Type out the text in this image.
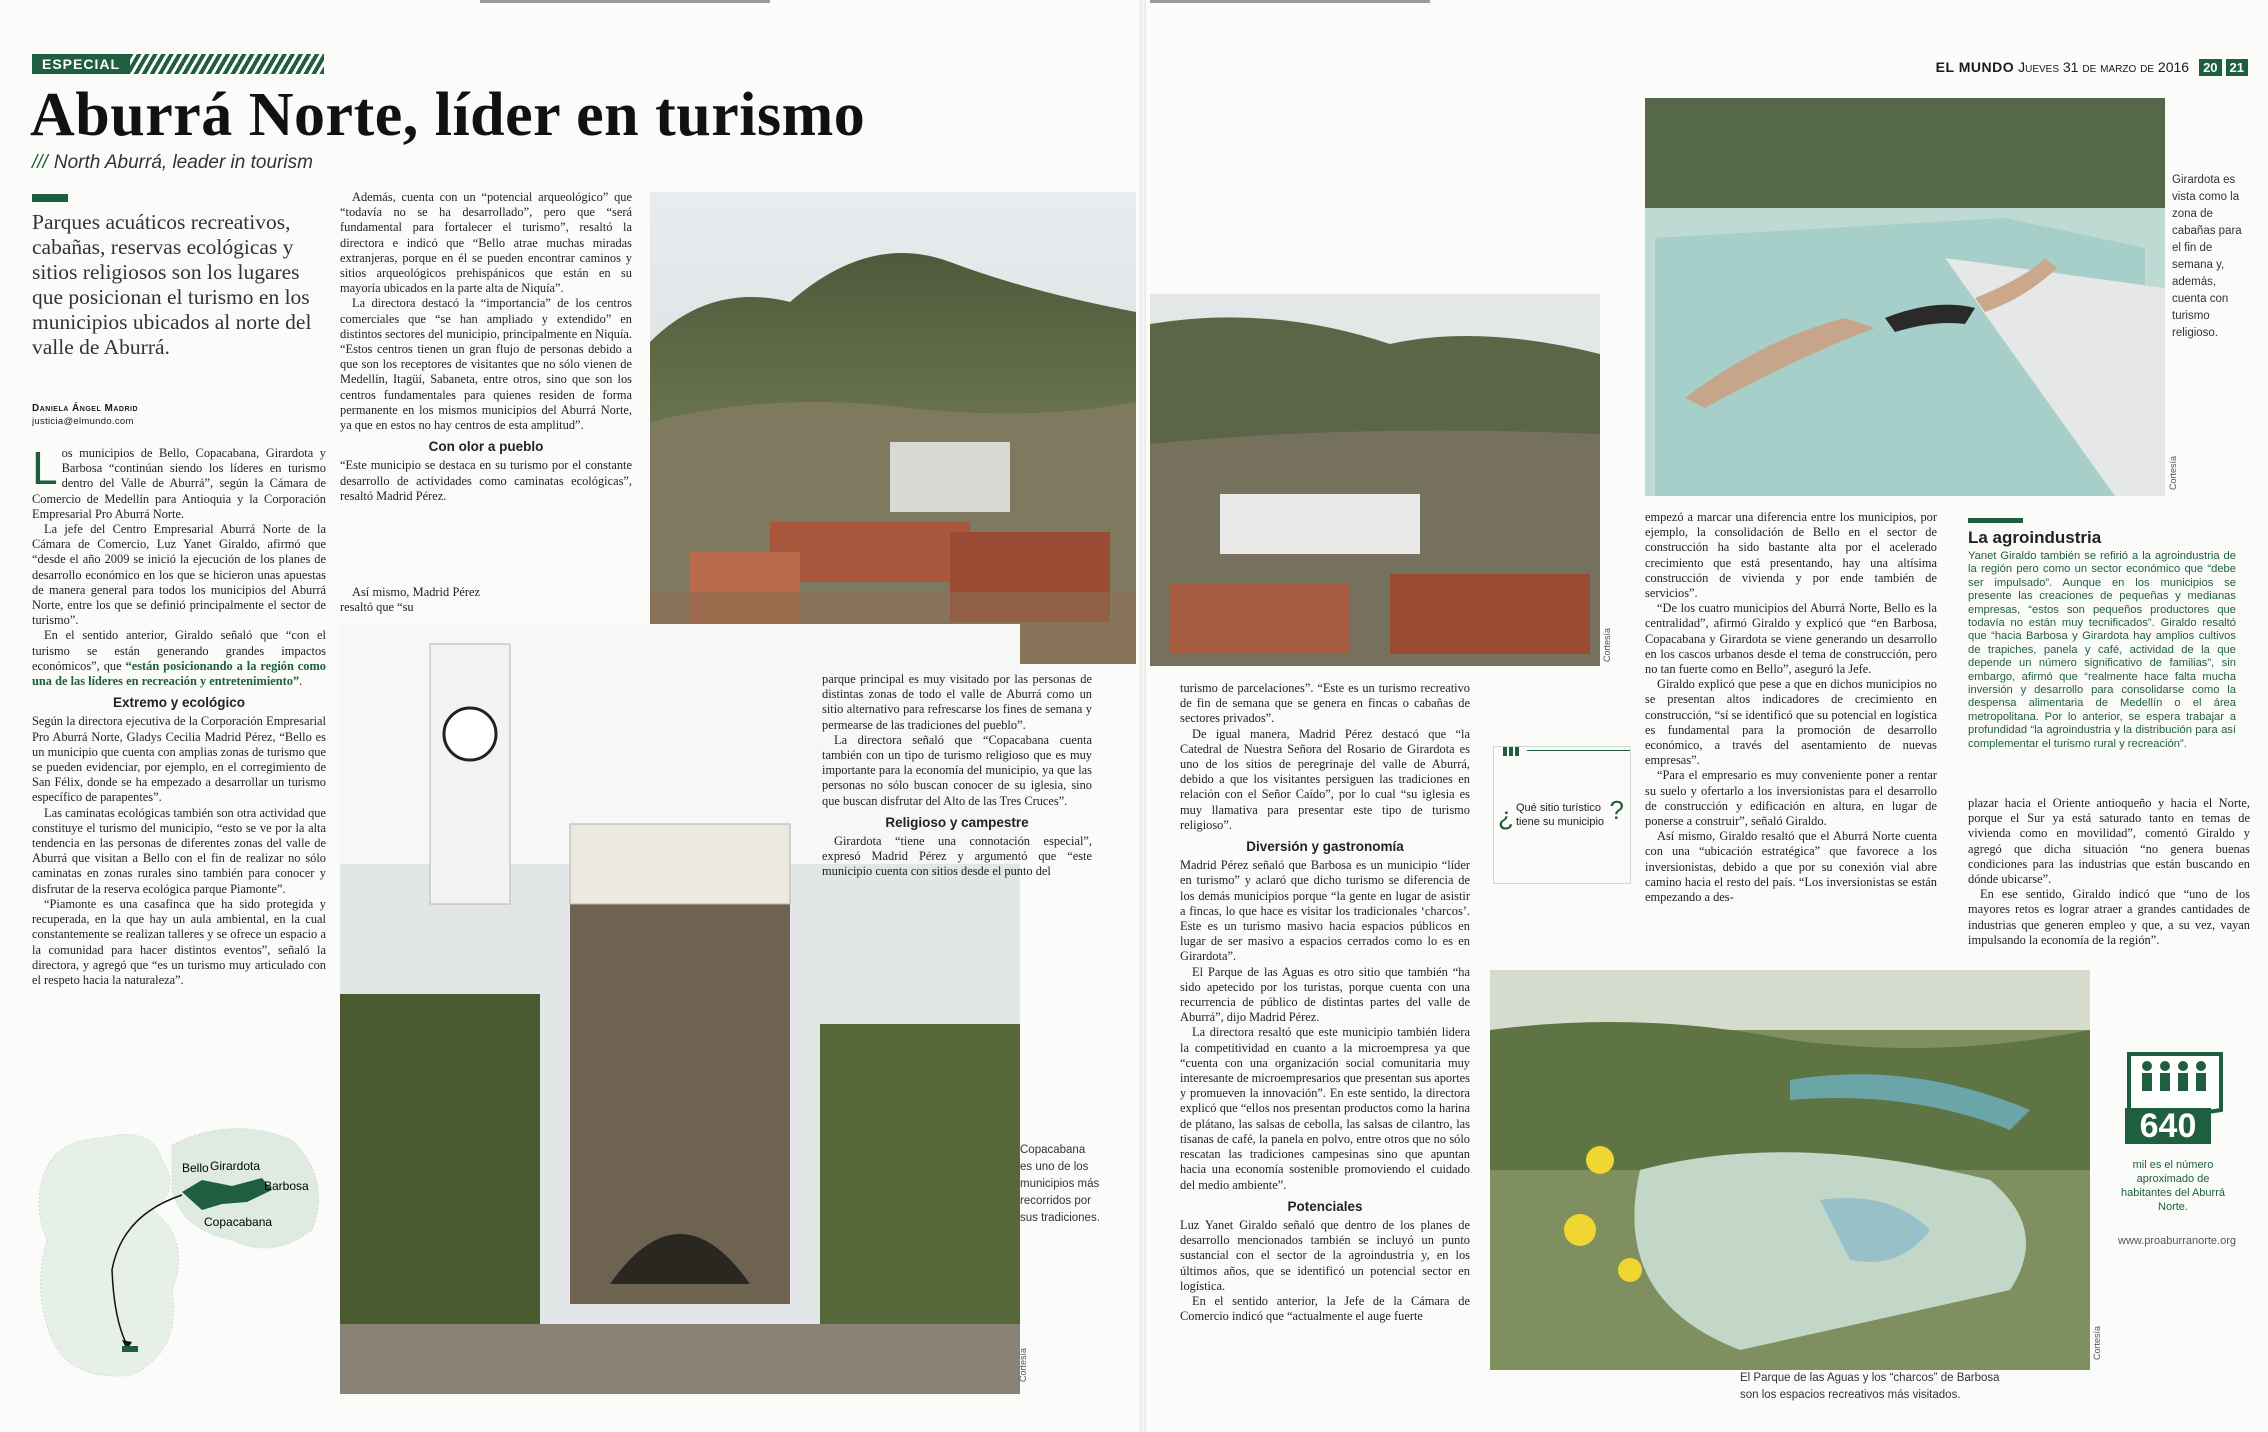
ESPECIAL
Aburrá Norte, líder en turismo
/// North Aburrá, leader in tourism
EL MUNDO Jueves 31 de marzo de 2016	20 21
Parques acuáticos recreativos, cabañas, reservas ecológicas y sitios religiosos son los lugares que posicionan el turismo en los municipios ubicados al norte del valle de Aburrá.
Daniela Ángel Madrid
justicia@elmundo.com

Los municipios de Bello, Copacabana, Girardota y Barbosa “continúan siendo los líderes en turismo dentro del Valle de Aburrá”, según la Cámara de Comercio de Medellín para Antioquia y la Corporación Empresarial Pro Aburrá Norte.

La jefe del Centro Empresarial Aburrá Norte de la Cámara de Comercio, Luz Yanet Giraldo, afirmó que “desde el año 2009 se inició la ejecución de los planes de desarrollo económico en los que se hicieron unas apuestas de manera general para todos los municipios del Aburrá Norte, entre los que se definió principalmente el sector de turismo”.

En el sentido anterior, Giraldo señaló que “con el turismo se están generando grandes impactos económicos”, que “están posicionando a la región como una de las líderes en recreación y entretenimiento”.

Extremo y ecológico

Según la directora ejecutiva de la Corporación Empresarial Pro Aburrá Norte, Gladys Cecilia Madrid Pérez, “Bello es un municipio que cuenta con amplias zonas de turismo que se pueden evidenciar, por ejemplo, en el corregimiento de San Félix, donde se ha empezado a desarrollar un turismo específico de parapentes”.

Las caminatas ecológicas también son otra actividad que constituye el turismo del municipio, “esto se ve por la alta tendencia en las personas de diferentes zonas del valle de Aburrá que visitan a Bello con el fin de realizar no sólo caminatas en zonas rurales sino también para conocer y disfrutar de la reserva ecológica parque Piamonte”.

“Piamonte es una casafinca que ha sido protegida y recuperada, en la que hay un aula ambiental, en la cual constantemente se realizan talleres y se ofrece un espacio a la comunidad para hacer distintos eventos”, señaló la directora, y agregó que “es un turismo muy articulado con el respeto hacia la naturaleza”.

Bello Girardota
Barbosa
Copacabana

Además, cuenta con un “potencial arqueológico” que “todavía no se ha desarrollado”, pero que “será fundamental para fortalecer el turismo”, resaltó la directora e indicó que “Bello atrae muchas miradas extranjeras, porque en él se pueden encontrar caminos y sitios arqueológicos prehispánicos que están en su mayoría ubicados en la parte alta de Niquía”.

La directora destacó la “importancia” de los centros comerciales que “se han ampliado y extendido” en distintos sectores del municipio, principalmente en Niquía. “Estos centros tienen un gran flujo de personas debido a que son los receptores de visitantes que no sólo vienen de Medellín, Itagüí, Sabaneta, entre otros, sino que son los centros fundamentales para quienes residen de forma permanente en los mismos municipios del Aburrá Norte, ya que en estos no hay centros de esta amplitud”.

Con olor a pueblo

“Este municipio se destaca en su turismo por el constante desarrollo de actividades como caminatas ecológicas”, resaltó Madrid Pérez.

Así mismo, Madrid Pérez resaltó que “su

Copacabana es uno de los municipios más recorridos por sus tradiciones.

parque principal es muy visitado por las personas de distintas zonas de todo el valle de Aburrá como un sitio alternativo para refrescarse los fines de semana y permearse de las tradiciones del pueblo”.

La directora señaló que “Copacabana cuenta también con un tipo de turismo religioso que es muy importante para la economía del municipio, ya que las personas no sólo buscan conocer de su iglesia, sino que buscan disfrutar del Alto de las Tres Cruces”.

Religioso y campestre

Girardota “tiene una connotación especial”, expresó Madrid Pérez y argumentó que “este municipio cuenta con sitios desde el punto del

turismo de parcelaciones”. “Este es un turismo recreativo de fin de semana que se genera en fincas o cabañas de sectores privados”.

De igual manera, Madrid Pérez destacó que “la Catedral de Nuestra Señora del Rosario de Girardota es uno de los sitios de peregrinaje del valle de Aburrá, debido a que los visitantes persiguen las tradiciones en relación con el Señor Caído”, por lo cual “su iglesia es muy llamativa para presentar este tipo de turismo religioso”.

Diversión y gastronomía

Madrid Pérez señaló que Barbosa es un municipio “líder en turismo” y aclaró que dicho turismo se diferencia de los demás municipios porque “la gente en lugar de asistir a fincas, lo que hace es visitar los tradicionales ‘charcos’. Este es un turismo masivo hacia espacios públicos en lugar de ser masivo a espacios cerrados como lo es en Girardota”.

El Parque de las Aguas es otro sitio que también “ha sido apetecido por los turistas, porque cuenta con una recurrencia de público de distintas partes del valle de Aburrá”, dijo Madrid Pérez.

La directora resaltó que este municipio también lidera la competitividad en cuanto a la microempresa ya que “cuenta con una organización social comunitaria muy interesante de microempresarios que presentan sus aportes y promueven la innovación”. En este sentido, la directora explicó que “ellos nos presentan productos como la harina de plátano, las salsas de cebolla, las salsas de cilantro, las tisanas de café, la panela en polvo, entre otros que no sólo rescatan las tradiciones campesinas sino que apuntan hacia una economía sostenible promoviendo el cuidado del medio ambiente”.

Potenciales

Luz Yanet Giraldo señaló que dentro de los planes de desarrollo mencionados también se incluyó un punto sustancial con el sector de la agroindustria y, en los últimos años, que se identificó un potencial sector en logística.

En el sentido anterior, la Jefe de la Cámara de Comercio indicó que “actualmente el auge fuerte

¿ Qué sitio turístico tiene su municipio ?
Girardota es vista como la zona de cabañas para el fin de semana y, además, cuenta con turismo religioso.

empezó a marcar una diferencia entre los municipios, por ejemplo, la consolidación de Bello en el sector de construcción ha sido bastante alta por el acelerado crecimiento que está presentando, hay una altísima construcción de vivienda y por ende también de servicios”.

“De los cuatro municipios del Aburrá Norte, Bello es la centralidad”, afirmó Giraldo y explicó que “en Barbosa, Copacabana y Girardota se viene generando un desarrollo en los cascos urbanos desde el tema de construcción, pero no tan fuerte como en Bello”, aseguró la Jefe.

Giraldo explicó que pese a que en dichos municipios no se presentan altos indicadores de crecimiento en construcción, “sí se identificó que su potencial en logística es fundamental para la promoción de desarrollo económico, a través del asentamiento de nuevas empresas”.

“Para el empresario es muy conveniente poner a rentar su suelo y ofertarlo a los inversionistas para el desarrollo de construcción y edificación en altura, en lugar de ponerse a construir”, señaló Giraldo.

Así mismo, Giraldo resaltó que el Aburrá Norte cuenta con una “ubicación estratégica” que favorece a los inversionistas, debido a que por su conexión vial abre camino hacia el resto del país. “Los inversionistas se están empezando a des-

La agroindustria
Yanet Giraldo también se refirió a la agroindustria de la región pero como un sector económico que “debe ser impulsado”. Aunque en los municipios se presente las creaciones de pequeñas y medianas empresas, “estos son pequeños productores que todavía no están muy tecnificados”. Giraldo resaltó que “hacia Barbosa y Girardota hay amplios cultivos de trapiches, panela y café, actividad de la que depende un número significativo de familias”, sin embargo, afirmó que “realmente hace falta mucha inversión y desarrollo para consolidarse como la despensa alimentaria de Medellín o el área metropolitana. Por lo anterior, se espera trabajar a profundidad “la agroindustria y la distribución para así complementar el turismo rural y recreación”.

plazar hacia el Oriente antioqueño y hacia el Norte, porque el Sur ya está saturado tanto en temas de vivienda como en movilidad”, comentó Giraldo y agregó que dicha situación “no genera buenas condiciones para las industrias que están buscando en dónde ubicarse”.

En ese sentido, Giraldo indicó que “uno de los mayores retos es lograr atraer a grandes cantidades de industrias que generen empleo y que, a su vez, vayan impulsando la economía de la región”.

El Parque de las Aguas y los “charcos” de Barbosa son los espacios recreativos más visitados.
640
mil es el número aproximado de habitantes del Aburrá Norte.
www.proaburranorte.org
Cortesía
Cortesía
Cortesía
Cortesía
